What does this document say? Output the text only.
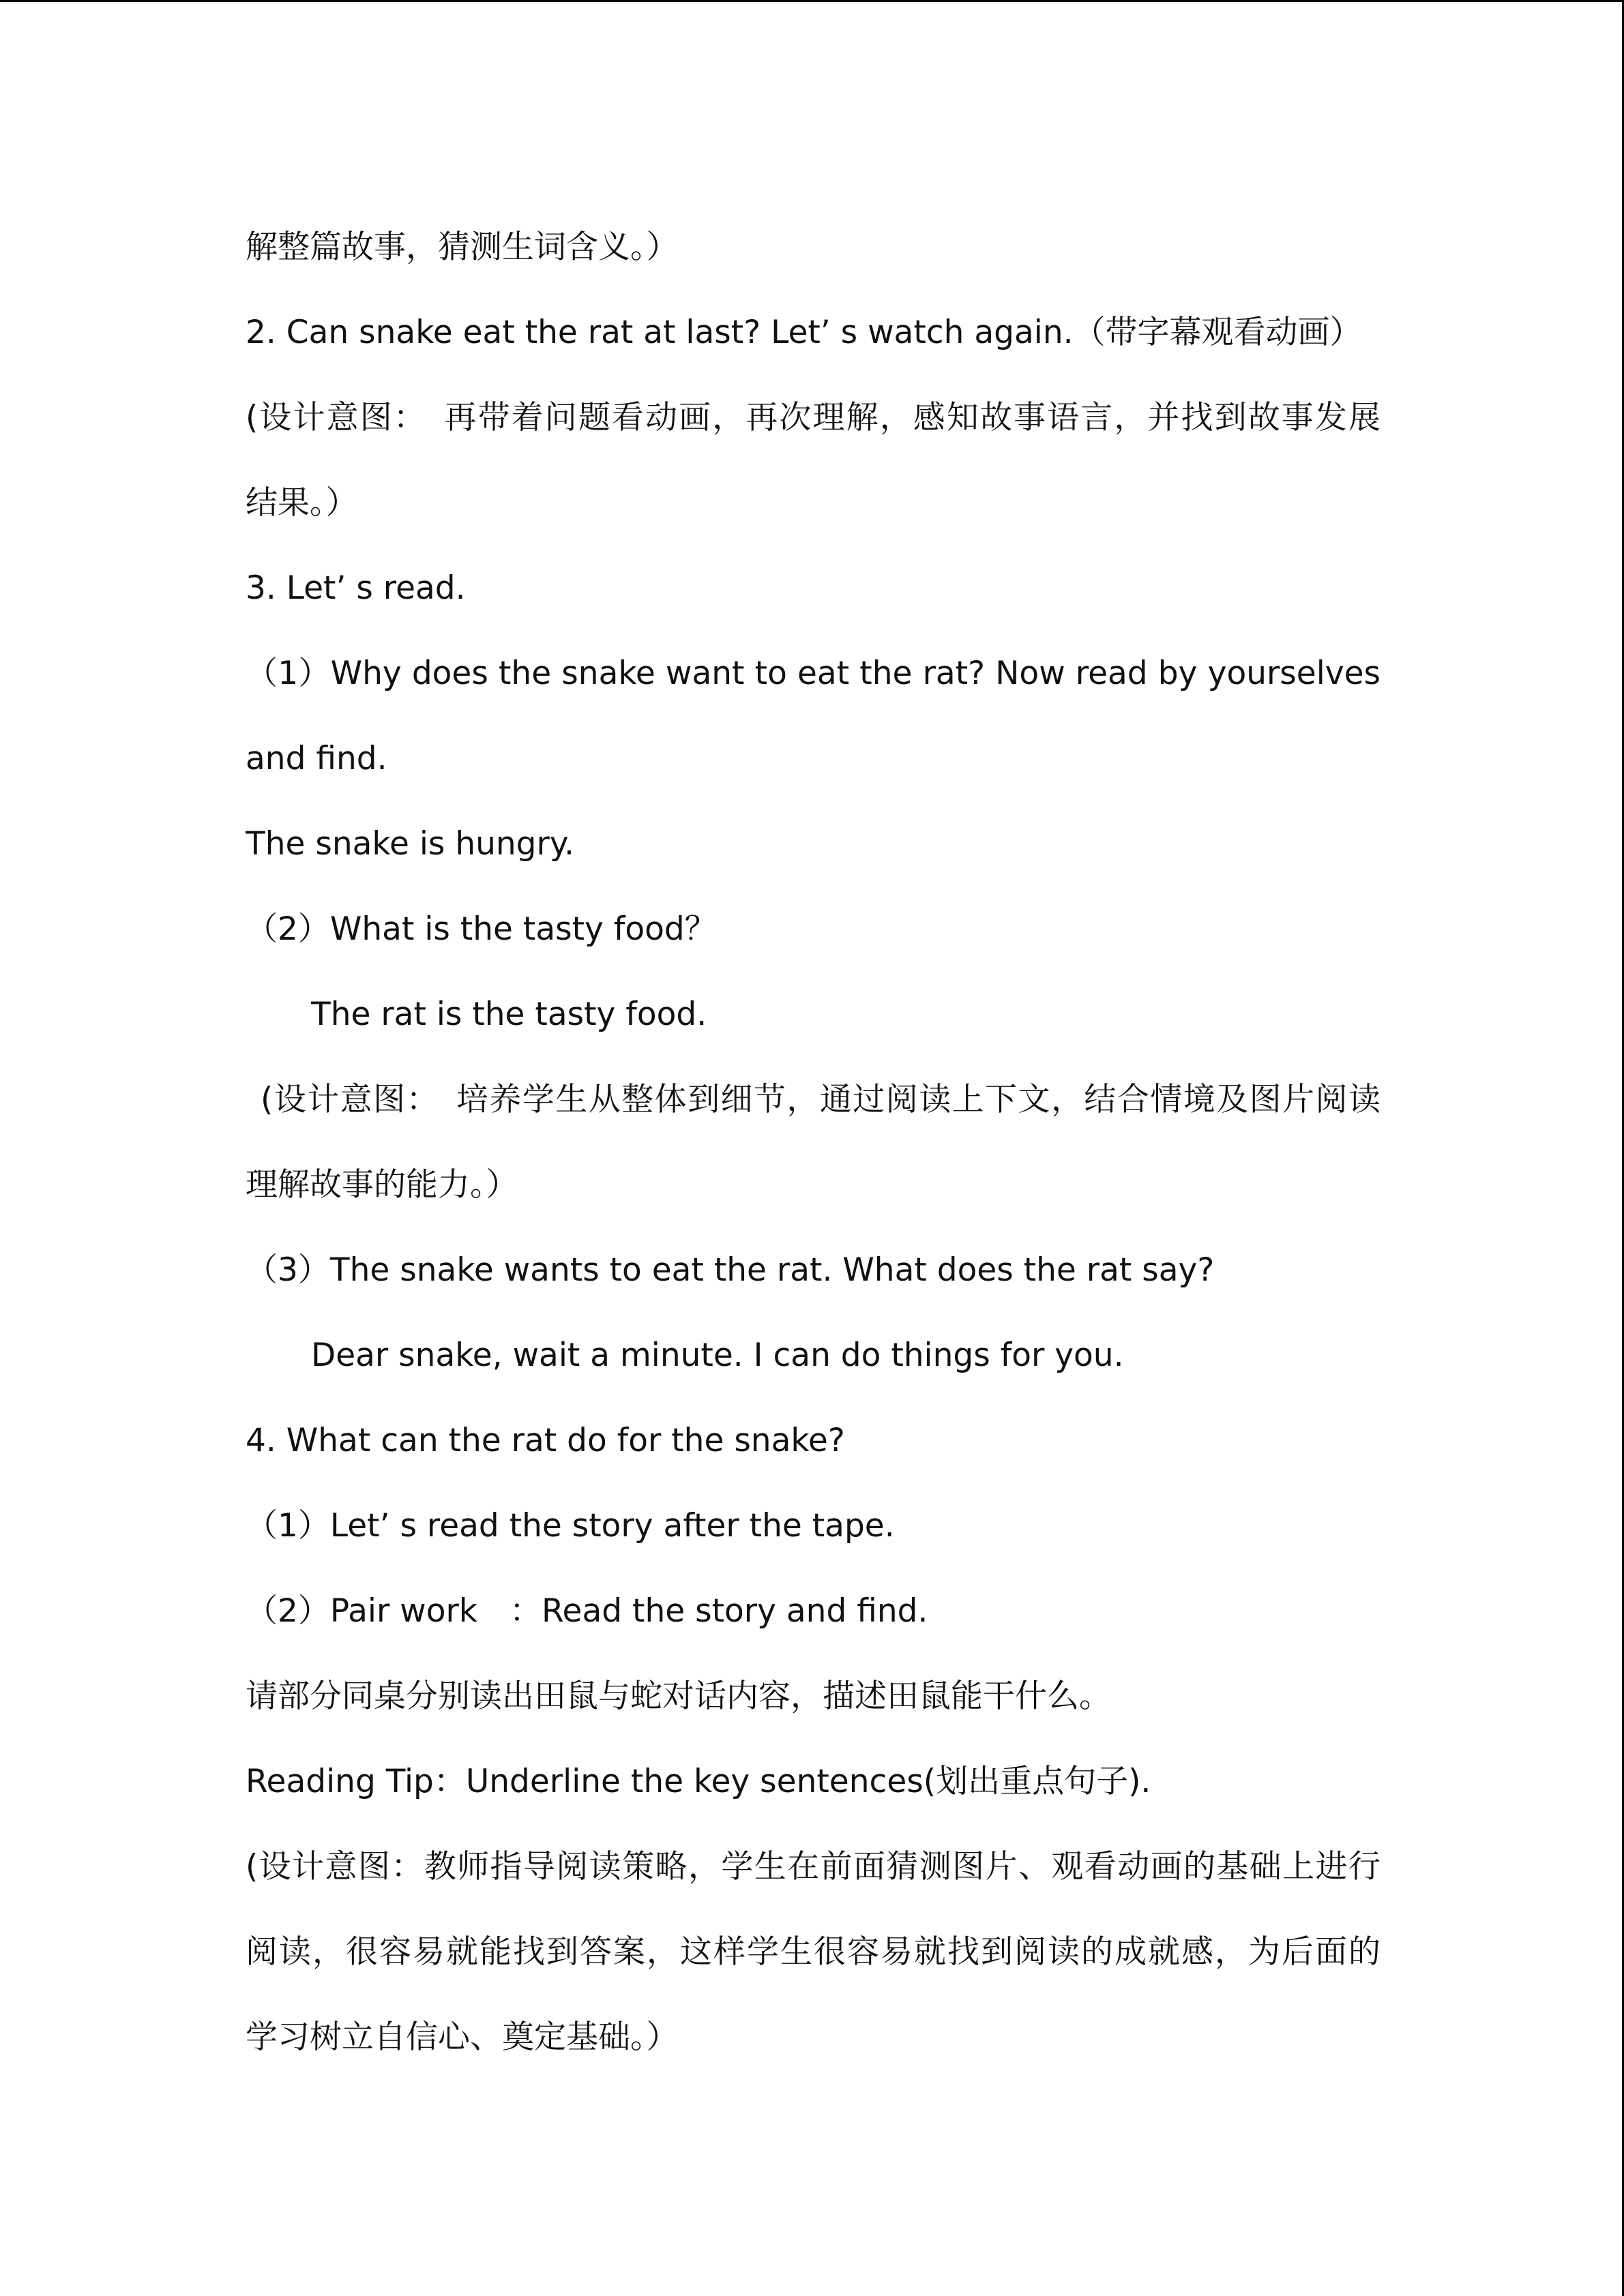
解整篇故事，猜测生词含义。）
2. Can snake eat the rat at last? Let’ s watch again.（带字幕观看动画）
(设计意图：　再带着问题看动画，再次理解，感知故事语言，并找到故事发展
结果。）
3. Let’ s read.
（1）Why does the snake want to eat the rat? Now read by yourselves
and find.
The snake is hungry.
（2）What is the tasty food？
The rat is the tasty food.
(设计意图：　培养学生从整体到细节，通过阅读上下文，结合情境及图片阅读
理解故事的能力。）
（3）The snake wants to eat the rat. What does the rat say?
Dear snake, wait a minute. I can do things for you.
4. What can the rat do for the snake?
（1）Let’ s read the story after the tape.
（2）Pair work　：Read the story and find.
请部分同桌分别读出田鼠与蛇对话内容，描述田鼠能干什么。
Reading Tip：Underline the key sentences(划出重点句子).
(设计意图：教师指导阅读策略，学生在前面猜测图片、观看动画的基础上进行
阅读，很容易就能找到答案，这样学生很容易就找到阅读的成就感，为后面的
学习树立自信心、奠定基础。）
